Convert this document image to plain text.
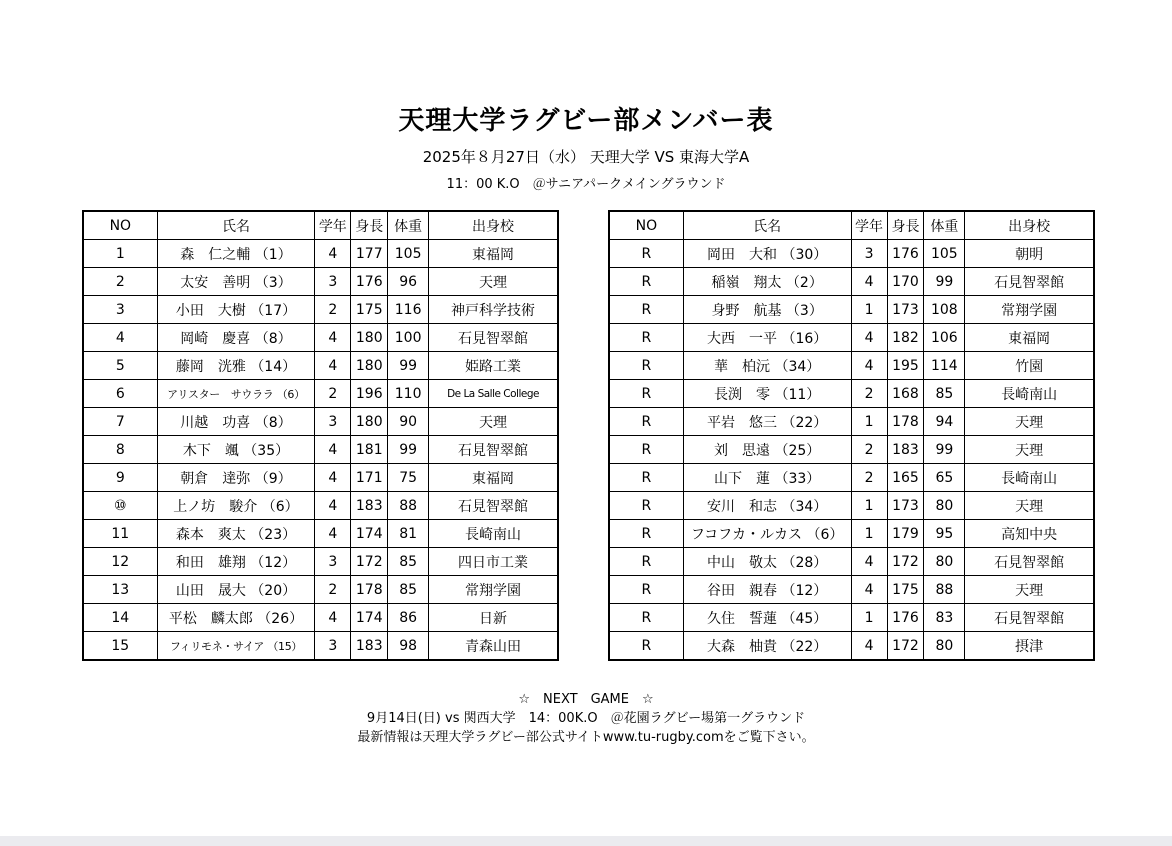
天理大学ラグビー部メンバー表
2025年８月27日（水） 天理大学 VS 東海大学A
11：00 K.O　＠サニアパークメイングラウンド
NO	氏名	学年	身長	体重	出身校
1	森　仁之輔 （1）	4	177	105	東福岡
2	太安　善明 （3）	3	176	96	天理
3	小田　大樹 （17）	2	175	116	神戸科学技術
4	岡崎　慶喜 （8）	4	180	100	石見智翠館
5	藤岡　洸雅 （14）	4	180	99	姫路工業
6	アリスター　サウララ （6）	2	196	110	De La Salle College
7	川越　功喜 （8）	3	180	90	天理
8	木下　颯 （35）	4	181	99	石見智翠館
9	朝倉　達弥 （9）	4	171	75	東福岡
⑩	上ノ坊　駿介 （6）	4	183	88	石見智翠館
11	森本　爽太 （23）	4	174	81	長崎南山
12	和田　雄翔 （12）	3	172	85	四日市工業
13	山田　晟大 （20）	2	178	85	常翔学園
14	平松　麟太郎 （26）	4	174	86	日新
15	フィリモネ・サイア （15）	3	183	98	青森山田
NO	氏名	学年	身長	体重	出身校
R	岡田　大和 （30）	3	176	105	朝明
R	稲嶺　翔太 （2）	4	170	99	石見智翠館
R	身野　航基 （3）	1	173	108	常翔学園
R	大西　一平 （16）	4	182	106	東福岡
R	華　柏沅 （34）	4	195	114	竹園
R	長渕　零 （11）	2	168	85	長崎南山
R	平岩　悠三 （22）	1	178	94	天理
R	刘　思遠 （25）	2	183	99	天理
R	山下　蓮 （33）	2	165	65	長崎南山
R	安川　和志 （34）	1	173	80	天理
R	フコフカ・ルカス （6）	1	179	95	高知中央
R	中山　敬太 （28）	4	172	80	石見智翠館
R	谷田　親春 （12）	4	175	88	天理
R	久住　誓蓮 （45）	1	176	83	石見智翠館
R	大森　柚貴 （22）	4	172	80	摂津
☆　NEXT　GAME　☆
9月14日(日) vs 関西大学　14：00K.O　＠花園ラグビー場第一グラウンド
最新情報は天理大学ラグビー部公式サイトwww.tu-rugby.comをご覧下さい。
